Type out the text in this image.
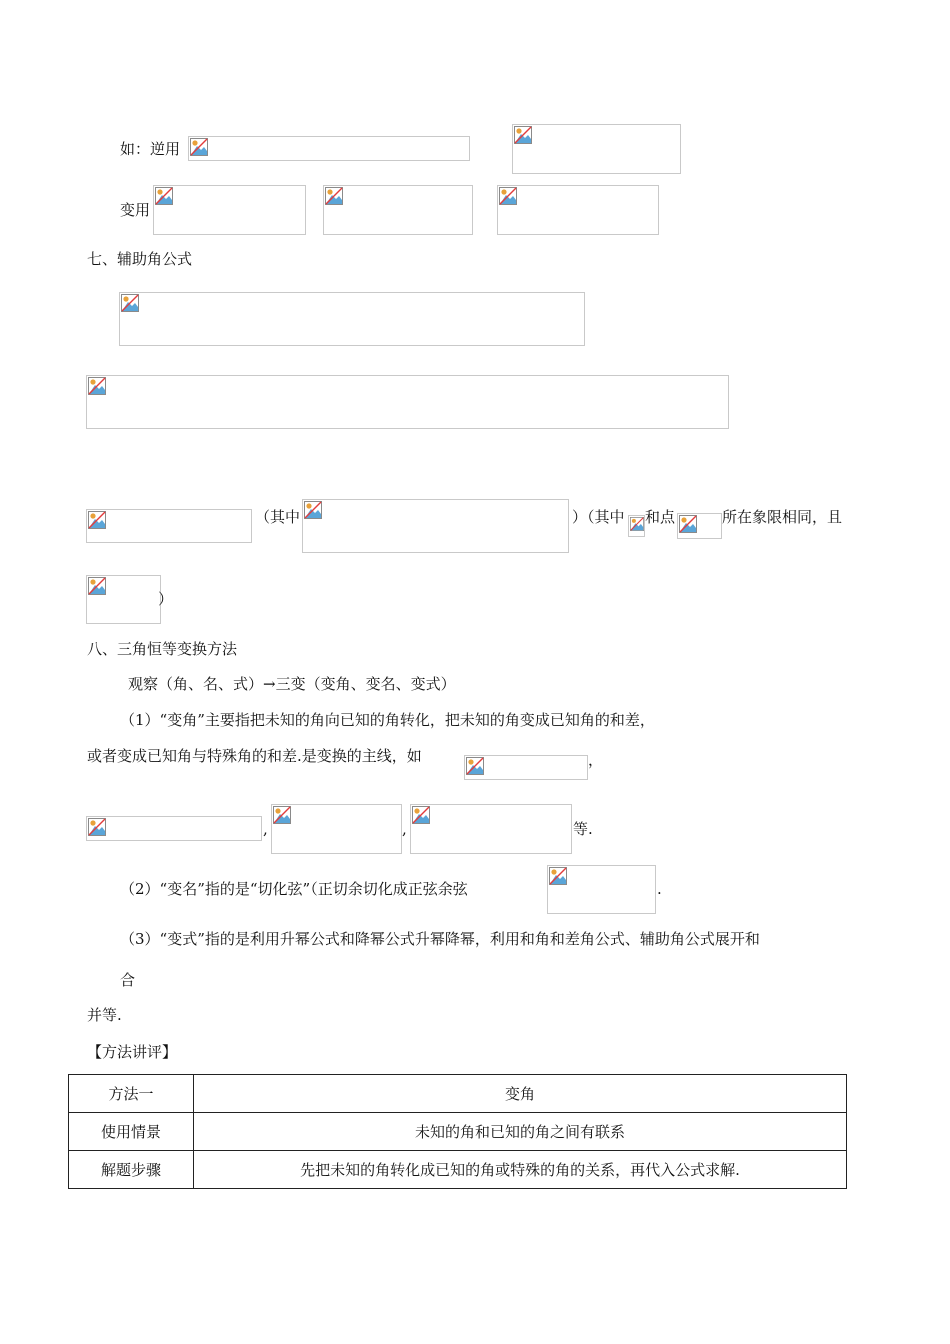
如：逆用
变用
七、辅助角公式
（其中	）（其中 和点	所在象限相同，且
）
八、三角恒等变换方法
观察（角、名、式）→三变（变角、变名、变式）
（1）“变角”主要指把未知的角向已知的角转化，把未知的角变成已知角的和差，
或者变成已知角与特殊角的和差.是变换的主线，如	，
,	,	等.
（2）“变名”指的是“切化弦”（正切余切化成正弦余弦	.
（3）“变式”指的是利用升幂公式和降幂公式升幂降幂，利用和角和差角公式、辅助角公式展开和
合
并等.
【方法讲评】
方法一	变角
使用情景	未知的角和已知的角之间有联系
解题步骤	先把未知的角转化成已知的角或特殊的角的关系，再代入公式求解.
